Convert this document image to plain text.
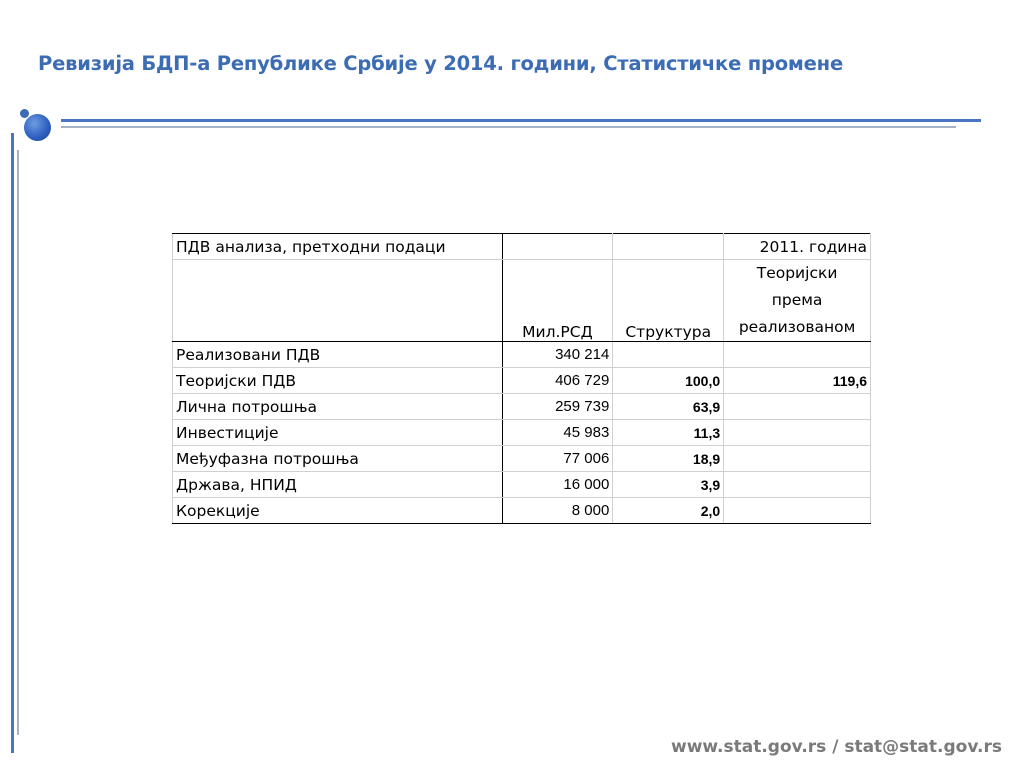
Ревизија БДП-а Републике Србије у 2014. години, Статистичке промене
ПДВ анализа, претходни подаци			2011. година
	Мил.РСД	Структура	Теоријски
према
реализованом

Реализовани ПДВ	340 214		
Теоријски ПДВ	406 729	100,0	119,6
Лична потрошња	259 739	63,9	
Инвестиције	45 983	11,3	
Међуфазна потрошња	77 006	18,9	
Држава, НПИД	16 000	3,9	
Корекције	8 000	2,0	
www.stat.gov.rs / stat@stat.gov.rs
